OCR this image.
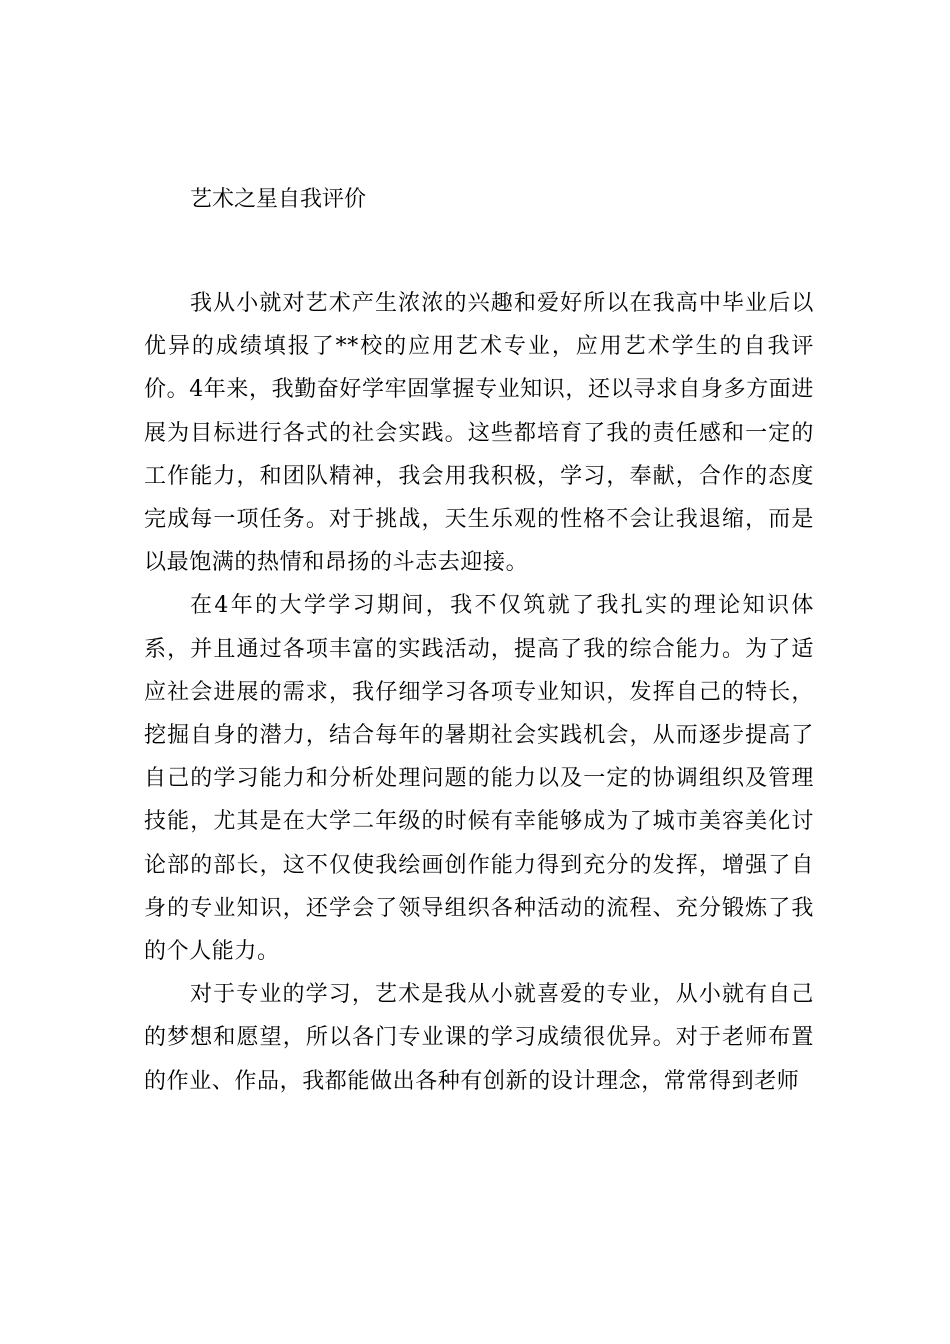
艺术之星自我评价

我从小就对艺术产生浓浓的兴趣和爱好所以在我高中毕业后以优异的成绩填报了**校的应用艺术专业，应用艺术学生的自我评价。4年来，我勤奋好学牢固掌握专业知识，还以寻求自身多方面进展为目标进行各式的社会实践。这些都培育了我的责任感和一定的工作能力，和团队精神，我会用我积极，学习，奉献，合作的态度完成每一项任务。对于挑战，天生乐观的性格不会让我退缩，而是以最饱满的热情和昂扬的斗志去迎接。

在4年的大学学习期间，我不仅筑就了我扎实的理论知识体系，并且通过各项丰富的实践活动，提高了我的综合能力。为了适应社会进展的需求，我仔细学习各项专业知识，发挥自己的特长，挖掘自身的潜力，结合每年的暑期社会实践机会，从而逐步提高了自己的学习能力和分析处理问题的能力以及一定的协调组织及管理技能，尤其是在大学二年级的时候有幸能够成为了城市美容美化讨论部的部长，这不仅使我绘画创作能力得到充分的发挥，增强了自身的专业知识，还学会了领导组织各种活动的流程、充分锻炼了我的个人能力。

对于专业的学习，艺术是我从小就喜爱的专业，从小就有自己的梦想和愿望，所以各门专业课的学习成绩很优异。对于老师布置的作业、作品，我都能做出各种有创新的设计理念，常常得到老师
